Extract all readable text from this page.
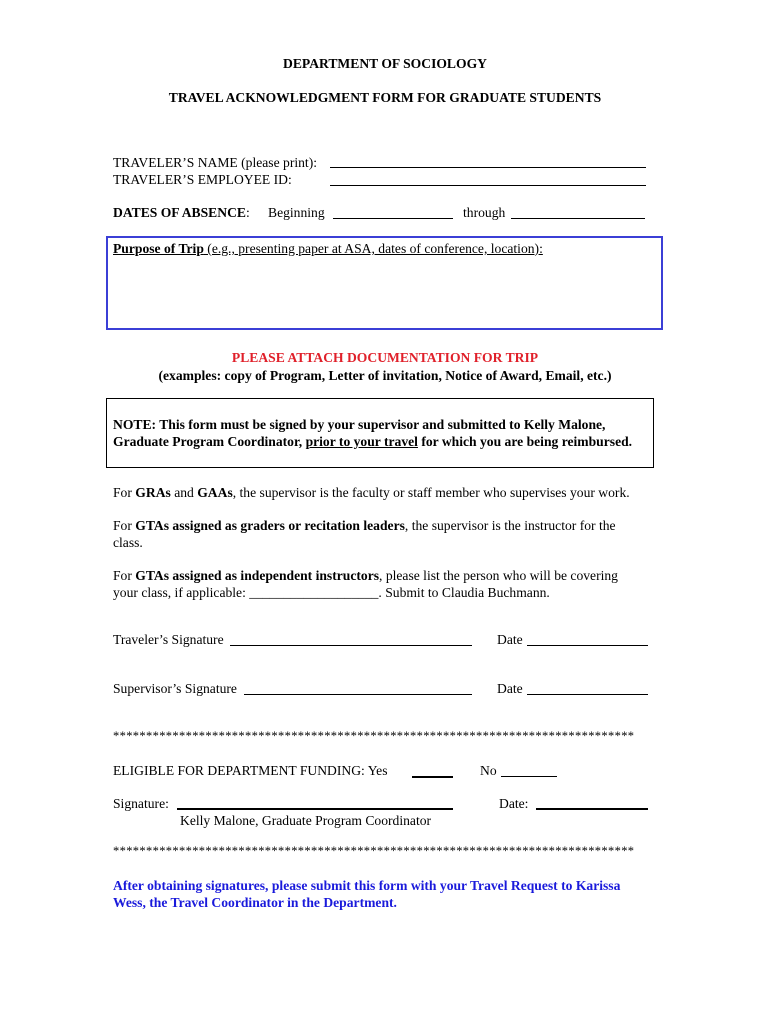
DEPARTMENT OF SOCIOLOGY
TRAVEL ACKNOWLEDGMENT FORM FOR GRADUATE STUDENTS
TRAVELER’S NAME (please print):
TRAVELER’S EMPLOYEE ID:
DATES OF ABSENCE: Beginning	through
Purpose of Trip (e.g., presenting paper at ASA, dates of conference, location):
PLEASE ATTACH DOCUMENTATION FOR TRIP
(examples: copy of Program, Letter of invitation, Notice of Award, Email, etc.)
NOTE: This form must be signed by your supervisor and submitted to Kelly Malone,
Graduate Program Coordinator, prior to your travel for which you are being reimbursed.
For GRAs and GAAs, the supervisor is the faculty or staff member who supervises your work.
For GTAs assigned as graders or recitation leaders, the supervisor is the instructor for the class.
For GTAs assigned as independent instructors, please list the person who will be covering your class, if applicable: ___________________. Submit to Claudia Buchmann.
Traveler’s Signature	Date
Supervisor’s Signature	Date
*******************************************************************************
ELIGIBLE FOR DEPARTMENT FUNDING: Yes	No
Signature:	Date:
Kelly Malone, Graduate Program Coordinator
*******************************************************************************
After obtaining signatures, please submit this form with your Travel Request to Karissa
Wess, the Travel Coordinator in the Department.
